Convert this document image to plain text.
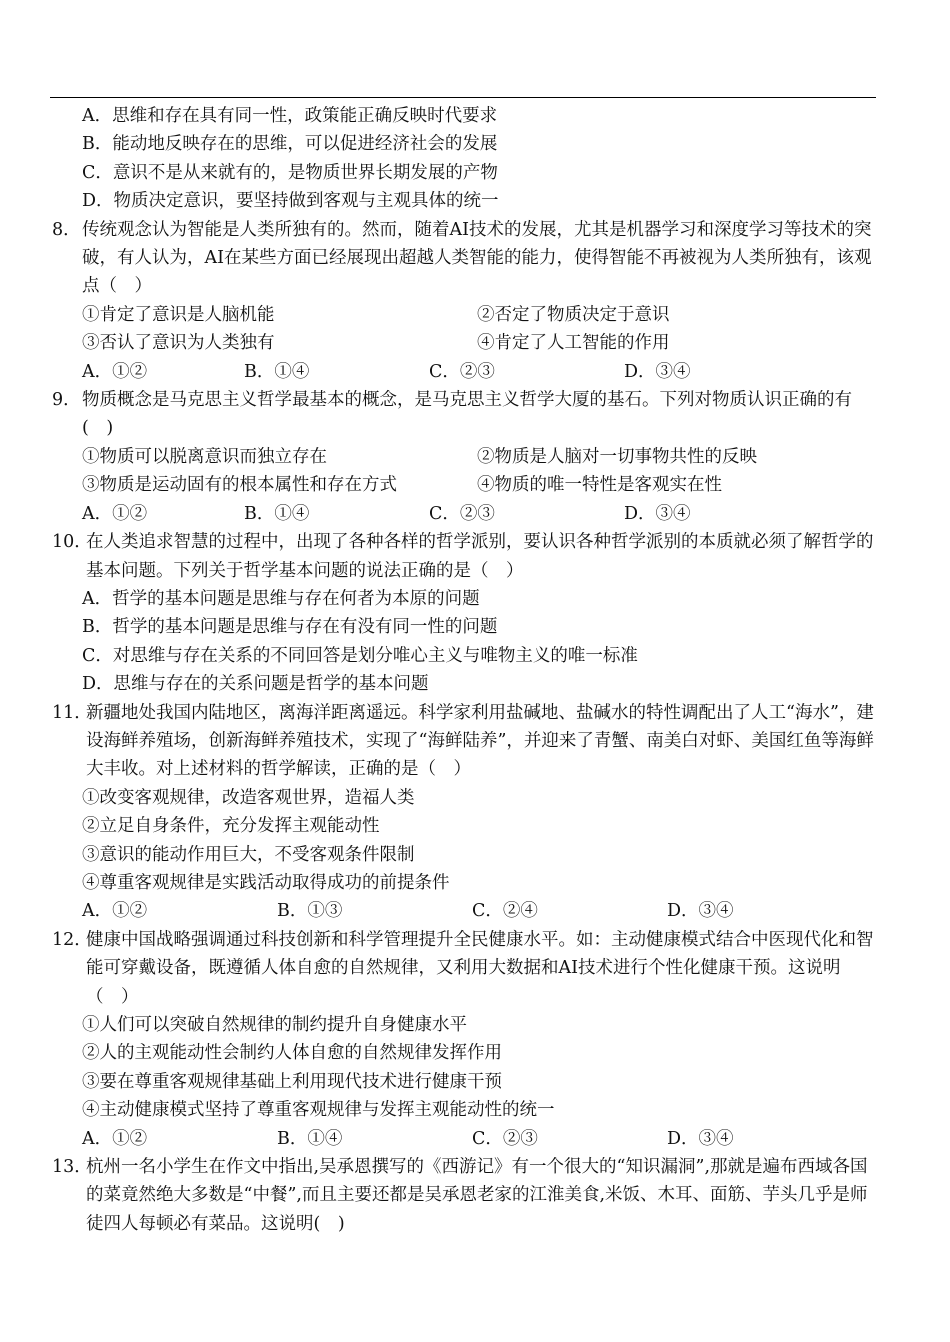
A．思维和存在具有同一性，政策能正确反映时代要求
B．能动地反映存在的思维，可以促进经济社会的发展
C．意识不是从来就有的，是物质世界长期发展的产物
D．物质决定意识，要坚持做到客观与主观具体的统一
8． 传统观念认为智能是人类所独有的。然而，随着AI技术的发展，尤其是机器学习和深度学习等技术的突破，有人认为，AI在某些方面已经展现出超越人类智能的能力，使得智能不再被视为人类所独有，该观点（　）
①肯定了意识是人脑机能	②否定了物质决定于意识
③否认了意识为人类独有	④肯定了人工智能的作用
A．①②	B．①④	C．②③	D．③④
9． 物质概念是马克思主义哲学最基本的概念，是马克思主义哲学大厦的基石。下列对物质认识正确的有(　)
①物质可以脱离意识而独立存在	②物质是人脑对一切事物共性的反映
③物质是运动固有的根本属性和存在方式	④物质的唯一特性是客观实在性
A．①②	B．①④	C．②③	D．③④
10．
在人类追求智慧的过程中，出现了各种各样的哲学派别，要认识各种哲学派别的本质就必须了解哲学的基本问题。下列关于哲学基本问题的说法正确的是（　）
A．哲学的基本问题是思维与存在何者为本原的问题
B．哲学的基本问题是思维与存在有没有同一性的问题
C．对思维与存在关系的不同回答是划分唯心主义与唯物主义的唯一标准
D．思维与存在的关系问题是哲学的基本问题
11．
新疆地处我国内陆地区，离海洋距离遥远。科学家利用盐碱地、盐碱水的特性调配出了人工“海水”，建设海鲜养殖场，创新海鲜养殖技术，实现了“海鲜陆养”，并迎来了青蟹、南美白对虾、美国红鱼等海鲜大丰收。对上述材料的哲学解读，正确的是（　）
①改变客观规律，改造客观世界，造福人类
②立足自身条件，充分发挥主观能动性
③意识的能动作用巨大，不受客观条件限制
④尊重客观规律是实践活动取得成功的前提条件
A．①②	B．①③	C．②④	D．③④
12．
健康中国战略强调通过科技创新和科学管理提升全民健康水平。如：主动健康模式结合中医现代化和智能可穿戴设备，既遵循人体自愈的自然规律，又利用大数据和AI技术进行个性化健康干预。这说明（　）
①人们可以突破自然规律的制约提升自身健康水平
②人的主观能动性会制约人体自愈的自然规律发挥作用
③要在尊重客观规律基础上利用现代技术进行健康干预
④主动健康模式坚持了尊重客观规律与发挥主观能动性的统一
A．①②	B．①④	C．②③	D．③④
13．
杭州一名小学生在作文中指出,吴承恩撰写的《西游记》有一个很大的“知识漏洞”,那就是遍布西域各国的菜竟然绝大多数是“中餐”,而且主要还都是吴承恩老家的江淮美食,米饭、木耳、面筋、芋头几乎是师徒四人每顿必有菜品。这说明(　)
